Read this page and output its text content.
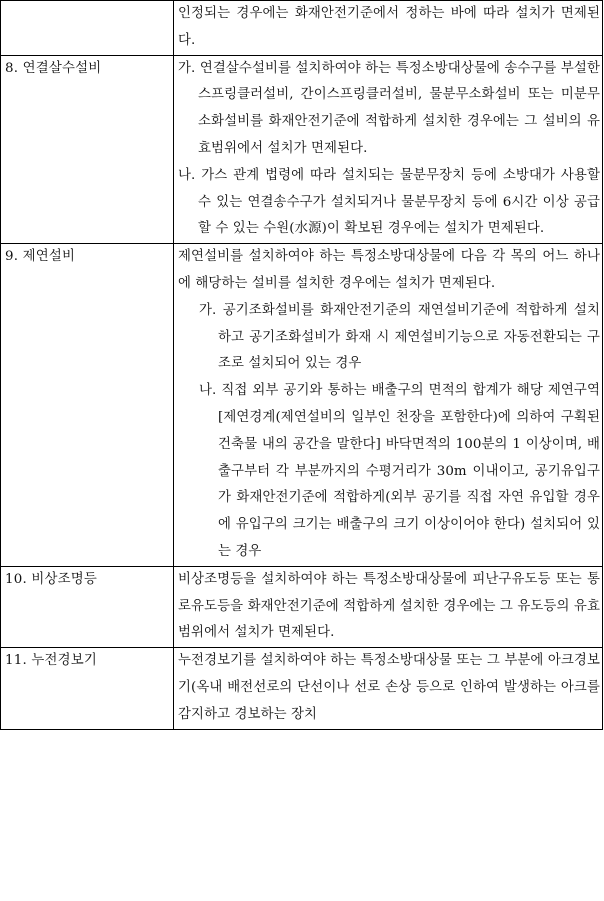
	인정되는 경우에는 화재안전기준에서 정하는 바에 따라 설치가 면제된다.

8. 연결살수설비	가. 연결살수설비를 설치하여야 하는 특정소방대상물에 송수구를 부설한 스프링클러설비, 간이스프링클러설비, 물분무소화설비 또는 미분무소화설비를 화재안전기준에 적합하게 설치한 경우에는 그 설비의 유효범위에서 설치가 면제된다.
나. 가스 관계 법령에 따라 설치되는 물분무장치 등에 소방대가 사용할 수 있는 연결송수구가 설치되거나 물분무장치 등에 6시간 이상 공급할 수 있는 수원(水源)이 확보된 경우에는 설치가 면제된다.

9. 제연설비	제연설비를 설치하여야 하는 특정소방대상물에 다음 각 목의 어느 하나에 해당하는 설비를 설치한 경우에는 설치가 면제된다.
가. 공기조화설비를 화재안전기준의 재연설비기준에 적합하게 설치하고 공기조화설비가 화재 시 제연설비기능으로 자동전환되는 구조로 설치되어 있는 경우
나. 직접 외부 공기와 통하는 배출구의 면적의 합계가 해당 제연구역[제연경계(제연설비의 일부인 천장을 포함한다)에 의하여 구획된 건축물 내의 공간을 말한다] 바닥면적의 100분의 1 이상이며, 배출구부터 각 부분까지의 수평거리가 30m 이내이고, 공기유입구가 화재안전기준에 적합하게(외부 공기를 직접 자연 유입할 경우에 유입구의 크기는 배출구의 크기 이상이어야 한다) 설치되어 있는 경우

10. 비상조명등	비상조명등을 설치하여야 하는 특정소방대상물에 피난구유도등 또는 통로유도등을 화재안전기준에 적합하게 설치한 경우에는 그 유도등의 유효범위에서 설치가 면제된다.

11. 누전경보기	누전경보기를 설치하여야 하는 특정소방대상물 또는 그 부분에 아크경보기(옥내 배전선로의 단선이나 선로 손상 등으로 인하여 발생하는 아크를 감지하고 경보하는 장치
